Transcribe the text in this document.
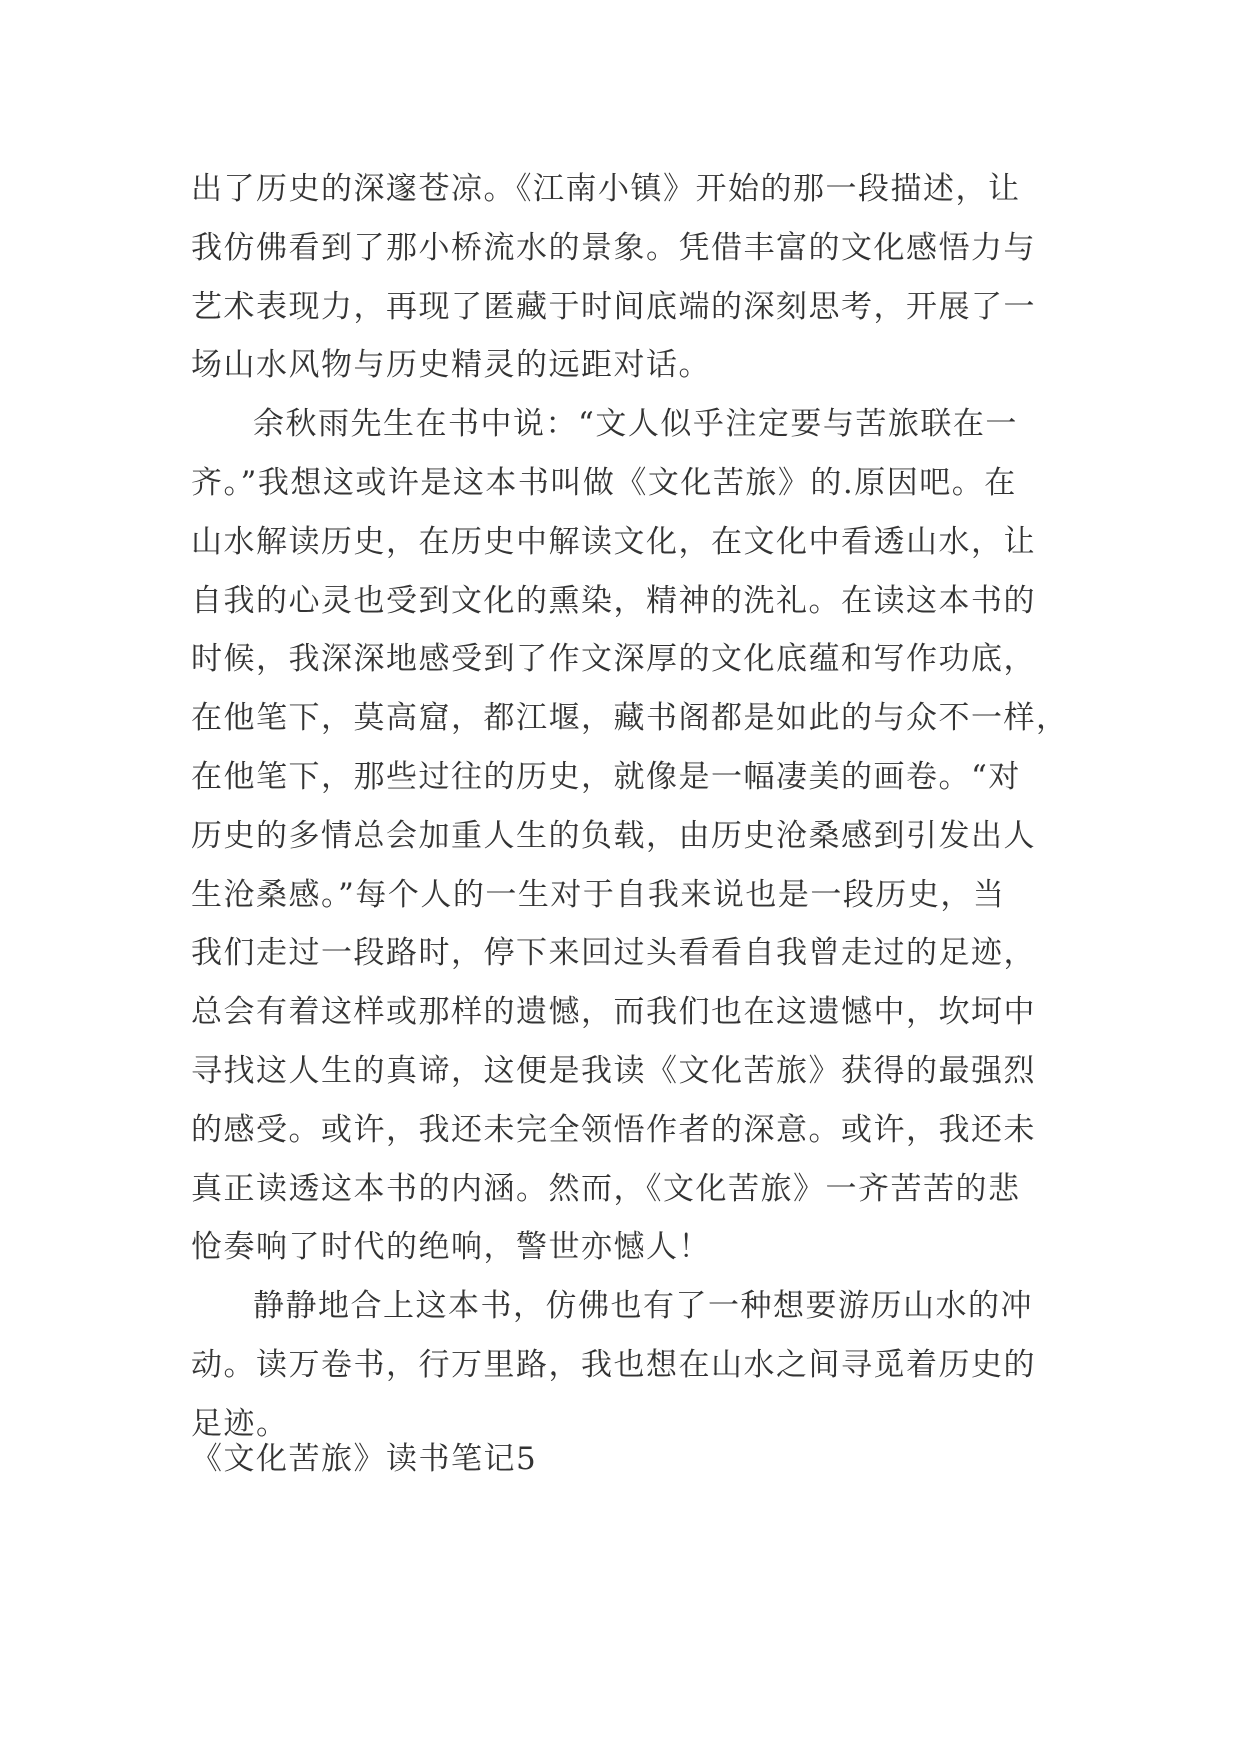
出了历史的深邃苍凉。《江南小镇》开始的那一段描述，让
我仿佛看到了那小桥流水的景象。凭借丰富的文化感悟力与
艺术表现力，再现了匿藏于时间底端的深刻思考，开展了一
场山水风物与历史精灵的远距对话。
余秋雨先生在书中说：“文人似乎注定要与苦旅联在一
齐。”我想这或许是这本书叫做《文化苦旅》的.原因吧。在
山水解读历史，在历史中解读文化，在文化中看透山水，让
自我的心灵也受到文化的熏染，精神的洗礼。在读这本书的
时候，我深深地感受到了作文深厚的文化底蕴和写作功底，
在他笔下，莫高窟，都江堰，藏书阁都是如此的与众不一样，
在他笔下，那些过往的历史，就像是一幅凄美的画卷。“对
历史的多情总会加重人生的负载，由历史沧桑感到引发出人
生沧桑感。”每个人的一生对于自我来说也是一段历史，当
我们走过一段路时，停下来回过头看看自我曾走过的足迹，
总会有着这样或那样的遗憾，而我们也在这遗憾中，坎坷中
寻找这人生的真谛，这便是我读《文化苦旅》获得的最强烈
的感受。或许，我还未完全领悟作者的深意。或许，我还未
真正读透这本书的内涵。然而，《文化苦旅》一齐苦苦的悲
怆奏响了时代的绝响，警世亦憾人！
静静地合上这本书，仿佛也有了一种想要游历山水的冲
动。读万卷书，行万里路，我也想在山水之间寻觅着历史的
足迹。
《文化苦旅》读书笔记5
